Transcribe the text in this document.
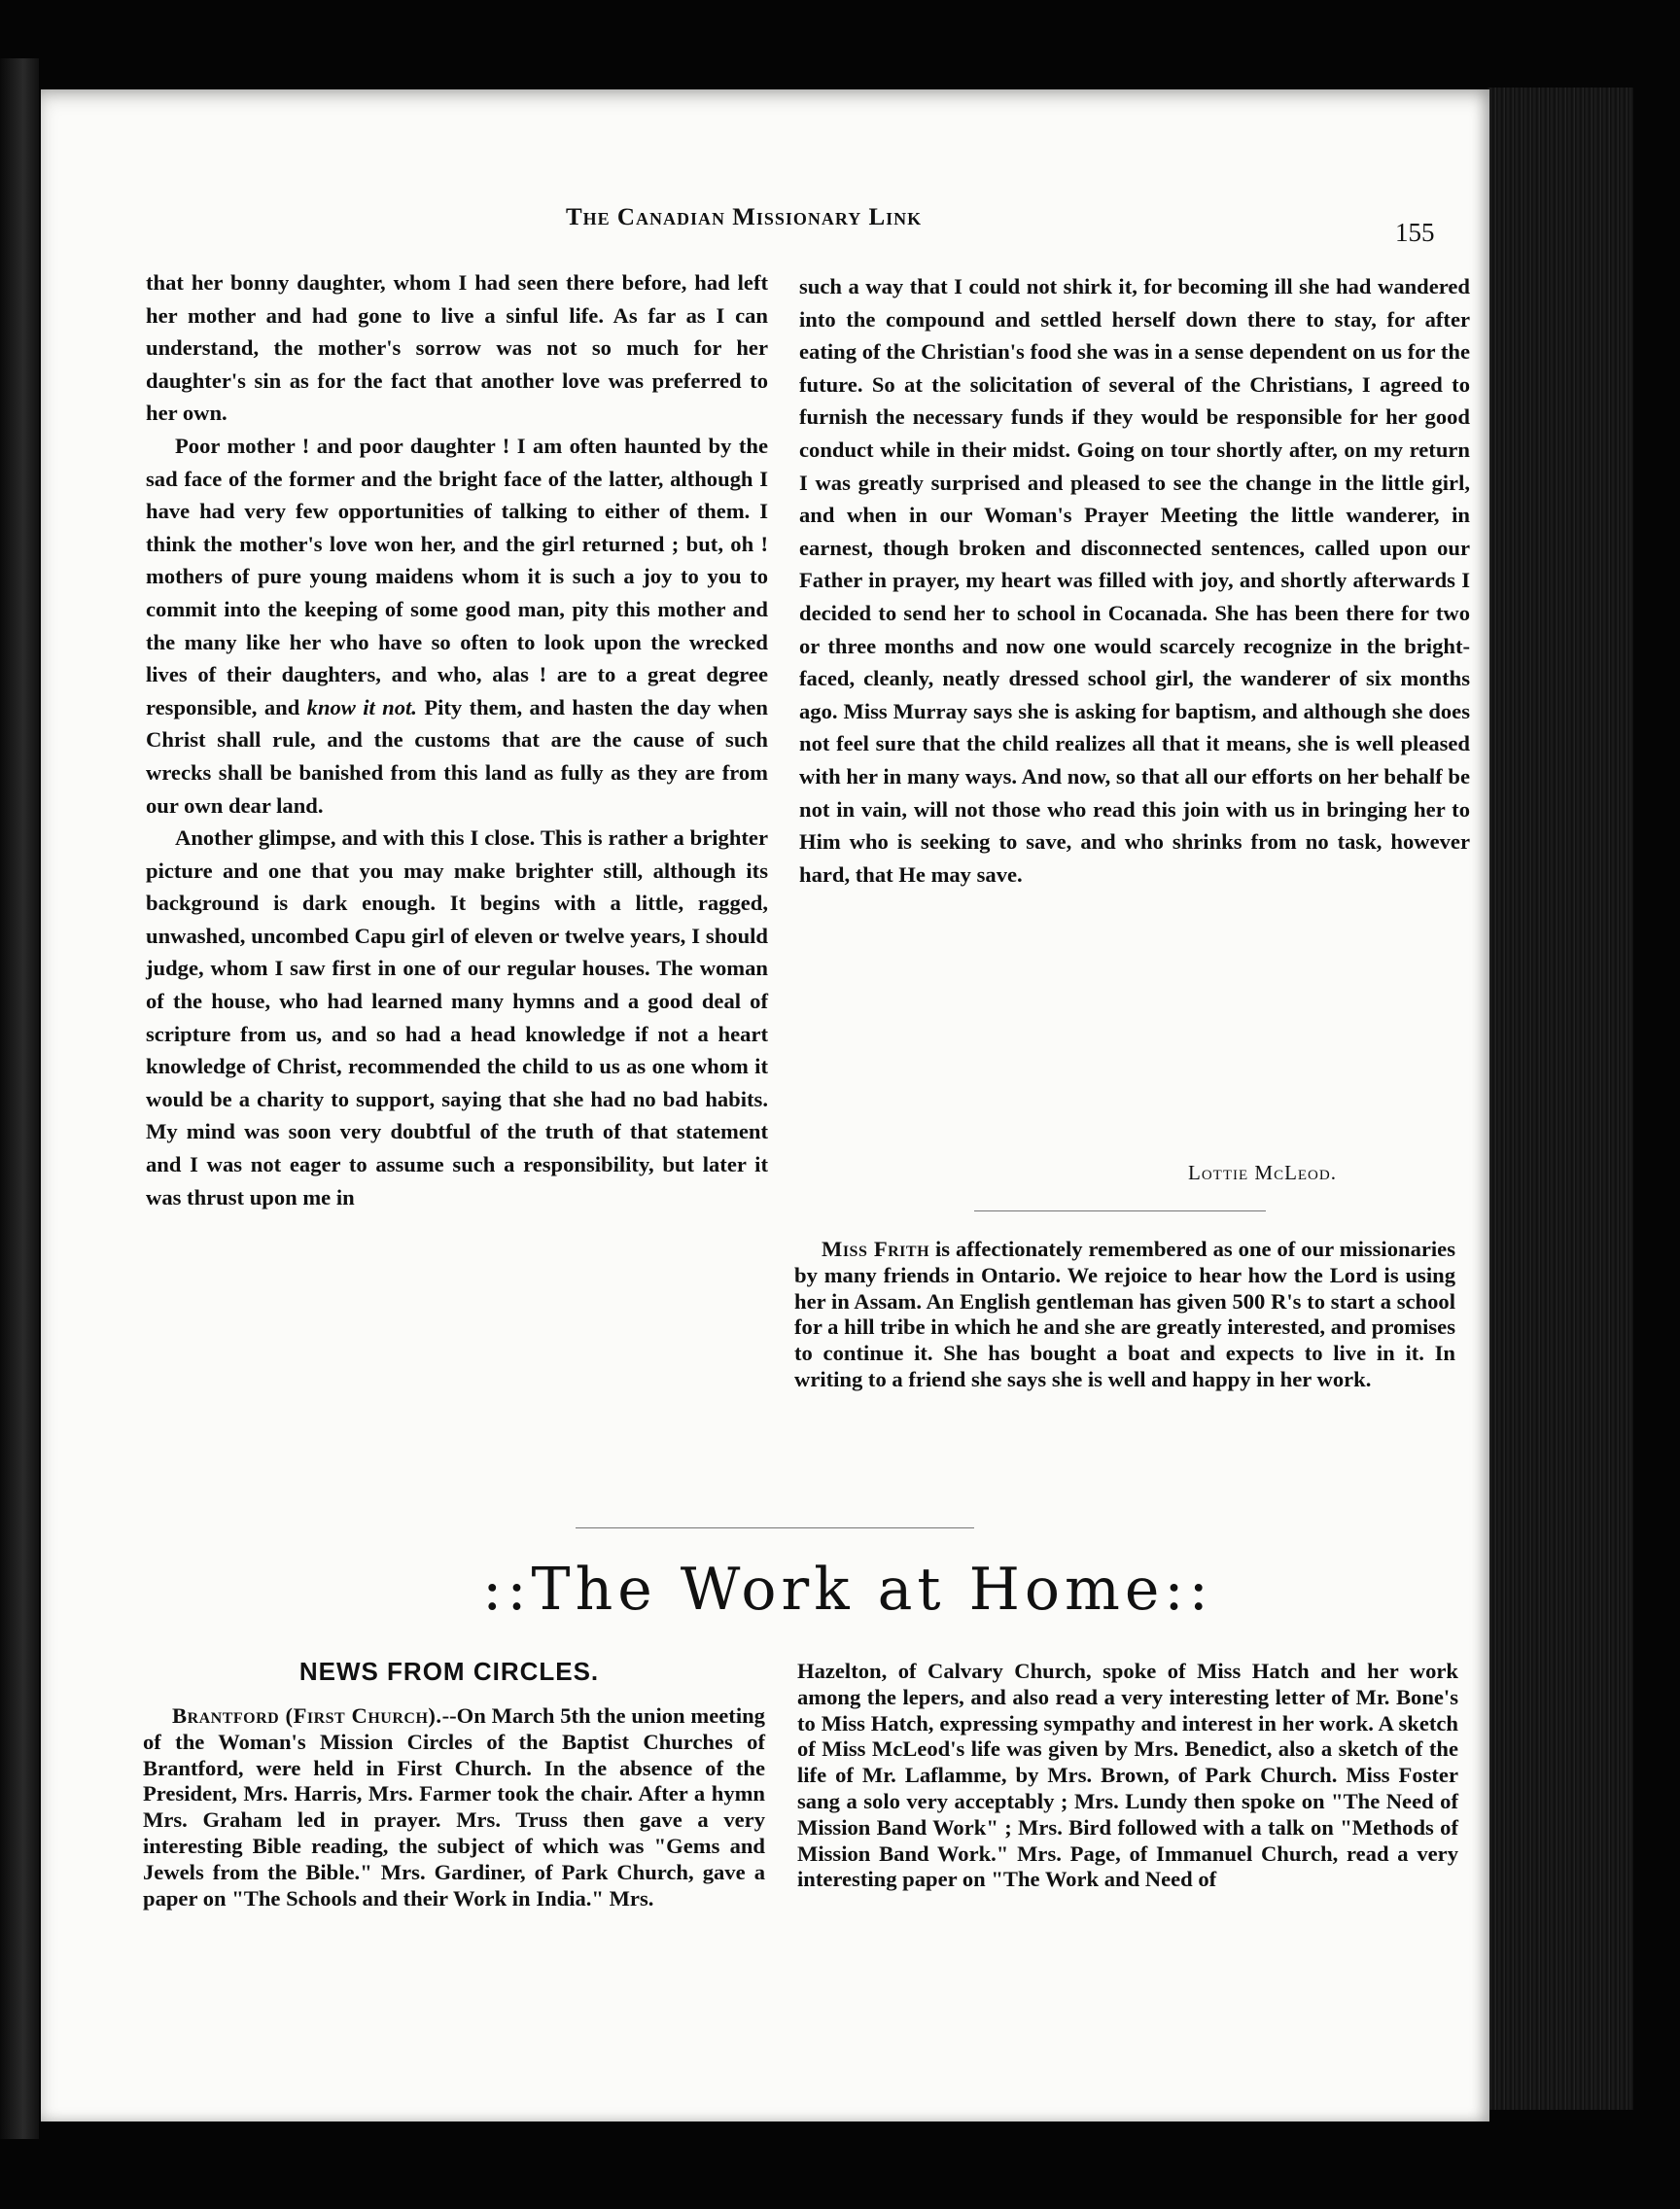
The Canadian Missionary Link
155

that her bonny daughter, whom I had seen there before, had left her mother and had gone to live a sinful life. As far as I can understand, the mother's sorrow was not so much for her daughter's sin as for the fact that another love was preferred to her own.

Poor mother ! and poor daughter ! I am often haunted by the sad face of the former and the bright face of the latter, although I have had very few opportunities of talking to either of them. I think the mother's love won her, and the girl returned ; but, oh ! mothers of pure young maidens whom it is such a joy to you to commit into the keeping of some good man, pity this mother and the many like her who have so often to look upon the wrecked lives of their daughters, and who, alas ! are to a great degree responsible, and know it not. Pity them, and hasten the day when Christ shall rule, and the customs that are the cause of such wrecks shall be banished from this land as fully as they are from our own dear land.

Another glimpse, and with this I close. This is rather a brighter picture and one that you may make brighter still, although its background is dark enough. It begins with a little, ragged, unwashed, uncombed Capu girl of eleven or twelve years, I should judge, whom I saw first in one of our regular houses. The woman of the house, who had learned many hymns and a good deal of scripture from us, and so had a head knowledge if not a heart knowledge of Christ, recommended the child to us as one whom it would be a charity to support, saying that she had no bad habits. My mind was soon very doubtful of the truth of that statement and I was not eager to assume such a responsibility, but later it was thrust upon me in

such a way that I could not shirk it, for becoming ill she had wandered into the compound and settled herself down there to stay, for after eating of the Christian's food she was in a sense dependent on us for the future. So at the solicitation of several of the Christians, I agreed to furnish the necessary funds if they would be responsible for her good conduct while in their midst. Going on tour shortly after, on my return I was greatly surprised and pleased to see the change in the little girl, and when in our Woman's Prayer Meeting the little wanderer, in earnest, though broken and disconnected sentences, called upon our Father in prayer, my heart was filled with joy, and shortly afterwards I decided to send her to school in Cocanada. She has been there for two or three months and now one would scarcely recognize in the bright-faced, cleanly, neatly dressed school girl, the wanderer of six months ago. Miss Murray says she is asking for baptism, and although she does not feel sure that the child realizes all that it means, she is well pleased with her in many ways. And now, so that all our efforts on her behalf be not in vain, will not those who read this join with us in bringing her to Him who is seeking to save, and who shrinks from no task, however hard, that He may save.

Lottie McLeod.

Miss Frith is affectionately remembered as one of our missionaries by many friends in Ontario. We rejoice to hear how the Lord is using her in Assam. An English gentleman has given 500 R's to start a school for a hill tribe in which he and she are greatly interested, and promises to continue it. She has bought a boat and expects to live in it. In writing to a friend she says she is well and happy in her work.

::The Work at Home::
NEWS FROM CIRCLES.

Brantford (First Church).--On March 5th the union meeting of the Woman's Mission Circles of the Baptist Churches of Brantford, were held in First Church. In the absence of the President, Mrs. Harris, Mrs. Farmer took the chair. After a hymn Mrs. Graham led in prayer. Mrs. Truss then gave a very interesting Bible reading, the subject of which was "Gems and Jewels from the Bible." Mrs. Gardiner, of Park Church, gave a paper on "The Schools and their Work in India." Mrs.

Hazelton, of Calvary Church, spoke of Miss Hatch and her work among the lepers, and also read a very interesting letter of Mr. Bone's to Miss Hatch, expressing sympathy and interest in her work. A sketch of Miss McLeod's life was given by Mrs. Benedict, also a sketch of the life of Mr. Laflamme, by Mrs. Brown, of Park Church. Miss Foster sang a solo very acceptably ; Mrs. Lundy then spoke on "The Need of Mission Band Work" ; Mrs. Bird followed with a talk on "Methods of Mission Band Work." Mrs. Page, of Immanuel Church, read a very interesting paper on "The Work and Need of
